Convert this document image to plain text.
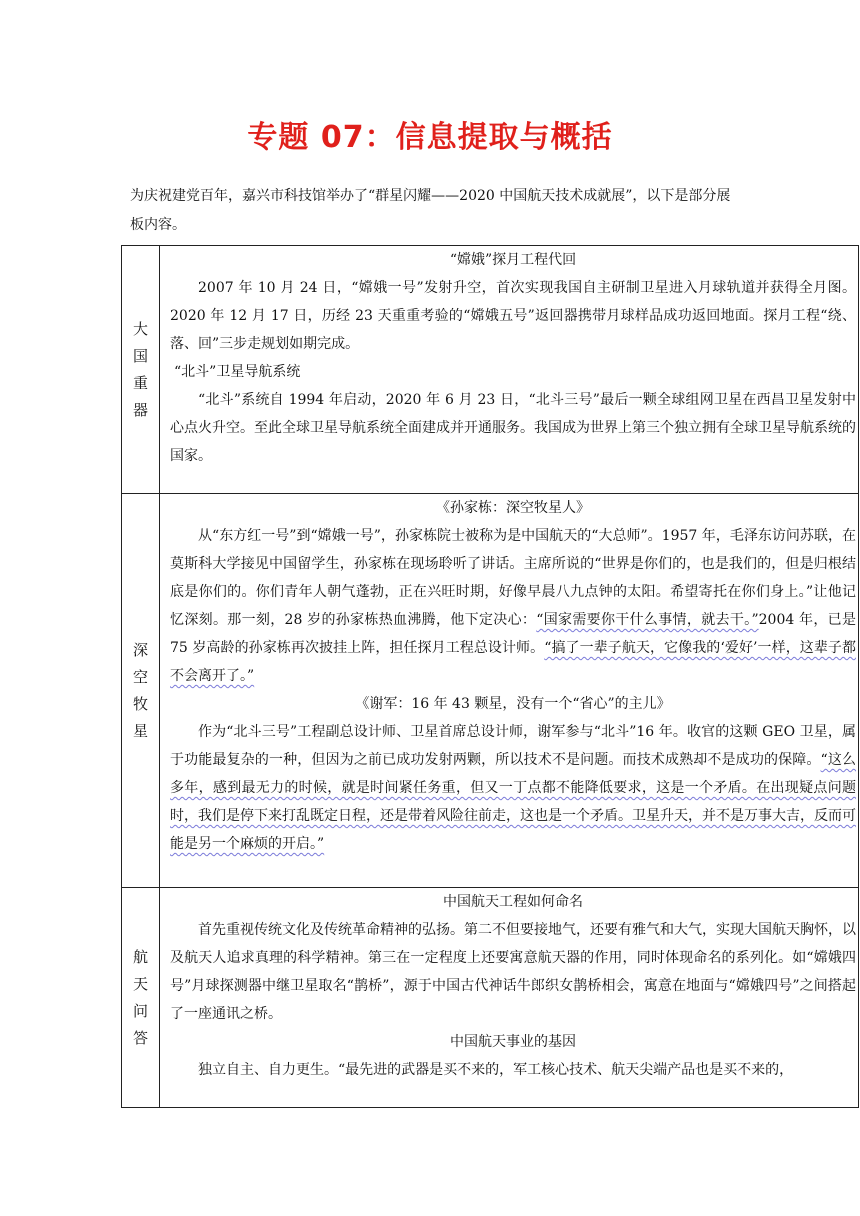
专题 07：信息提取与概括
为庆祝建党百年，嘉兴市科技馆举办了“群星闪耀——2020 中国航天技术成就展”，以下是部分展板内容。
大国重器	“嫦娥”探月工程代回

2007 年 10 月 24 日，“嫦娥一号”发射升空，首次实现我国自主研制卫星进入月球轨道并获得全月图。2020 年 12 月 17 日，历经 23 天重重考验的“嫦娥五号”返回器携带月球样品成功返回地面。探月工程“绕、落、回”三步走规划如期完成。

“北斗”卫星导航系统

“北斗”系统自 1994 年启动，2020 年 6 月 23 日，“北斗三号”最后一颗全球组网卫星在西昌卫星发射中心点火升空。至此全球卫星导航系统全面建成并开通服务。我国成为世界上第三个独立拥有全球卫星导航系统的国家。

深空牧星	《孙家栋：深空牧星人》

从“东方红一号”到“嫦娥一号”，孙家栋院士被称为是中国航天的“大总师”。1957 年，毛泽东访问苏联，在莫斯科大学接见中国留学生，孙家栋在现场聆听了讲话。主席所说的“世界是你们的，也是我们的，但是归根结底是你们的。你们青年人朝气蓬勃，正在兴旺时期，好像早晨八九点钟的太阳。希望寄托在你们身上。”让他记忆深刻。那一刻，28 岁的孙家栋热血沸腾，他下定决心：“国家需要你干什么事情，就去干。”2004 年，已是 75 岁高龄的孙家栋再次披挂上阵，担任探月工程总设计师。“搞了一辈子航天，它像我的‘爱好’一样，这辈子都不会离开了。”

《谢军：16 年 43 颗星，没有一个“省心”的主儿》

作为“北斗三号”工程副总设计师、卫星首席总设计师，谢军参与“北斗”16 年。收官的这颗 GEO 卫星，属于功能最复杂的一种，但因为之前已成功发射两颗，所以技术不是问题。而技术成熟却不是成功的保障。“这么多年，感到最无力的时候，就是时间紧任务重，但又一丁点都不能降低要求，这是一个矛盾。在出现疑点问题时，我们是停下来打乱既定日程，还是带着风险往前走，这也是一个矛盾。卫星升天，并不是万事大吉，反而可能是另一个麻烦的开启。”

航天问答	中国航天工程如何命名

首先重视传统文化及传统革命精神的弘扬。第二不但要接地气，还要有雅气和大气，实现大国航天胸怀，以及航天人追求真理的科学精神。第三在一定程度上还要寓意航天器的作用，同时体现命名的系列化。如“嫦娥四号”月球探测器中继卫星取名“鹊桥”，源于中国古代神话牛郎织女鹊桥相会，寓意在地面与“嫦娥四号”之间搭起了一座通讯之桥。

中国航天事业的基因

独立自主、自力更生。“最先进的武器是买不来的，军工核心技术、航天尖端产品也是买不来的，
